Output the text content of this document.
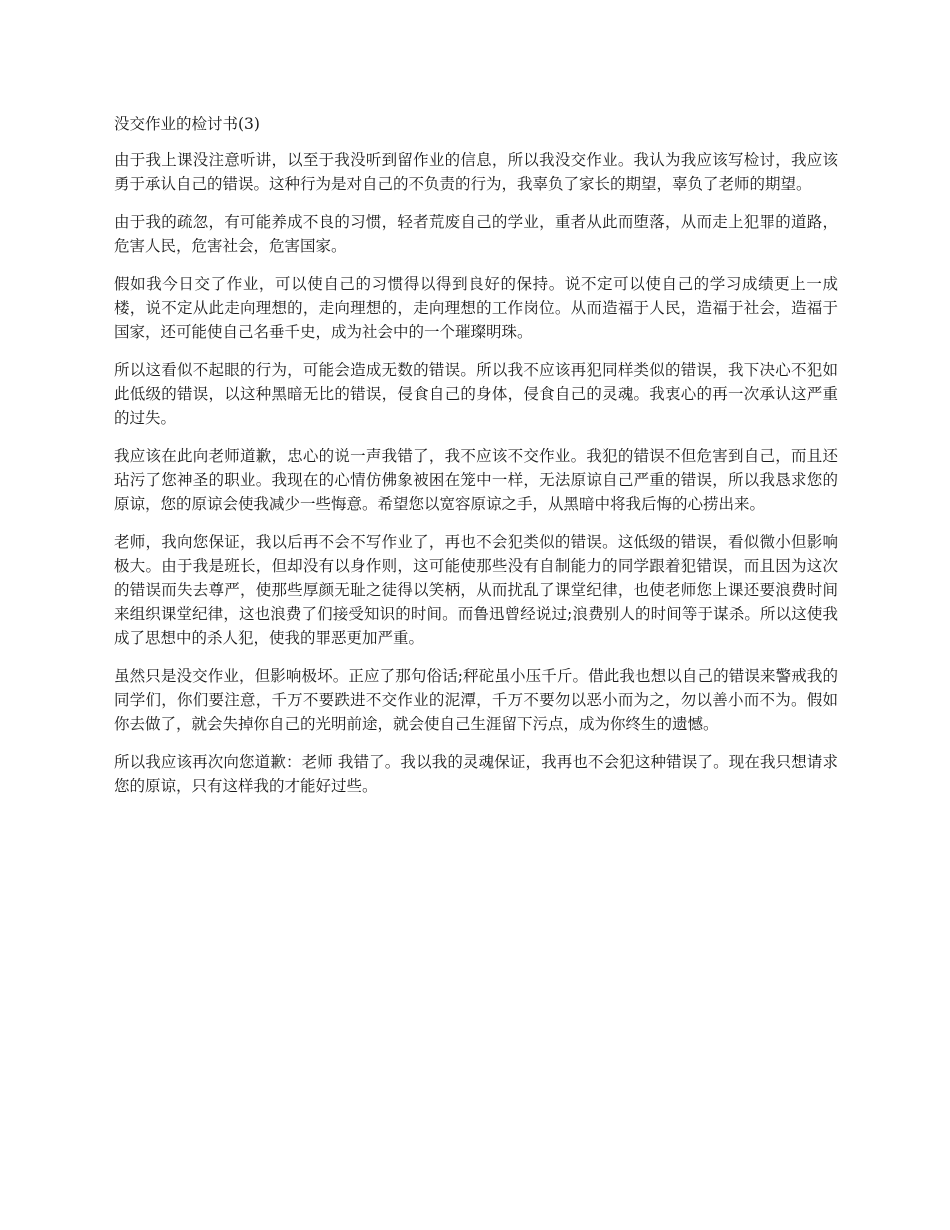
没交作业的检讨书(3)

由于我上课没注意听讲，以至于我没听到留作业的信息，所以我没交作业。我认为我应该写检讨，我应该勇于承认自己的错误。这种行为是对自己的不负责的行为，我辜负了家长的期望，辜负了老师的期望。

由于我的疏忽，有可能养成不良的习惯，轻者荒废自己的学业，重者从此而堕落，从而走上犯罪的道路，危害人民，危害社会，危害国家。

假如我今日交了作业，可以使自己的习惯得以得到良好的保持。说不定可以使自己的学习成绩更上一成楼，说不定从此走向理想的，走向理想的，走向理想的工作岗位。从而造福于人民，造福于社会，造福于国家，还可能使自己名垂千史，成为社会中的一个璀璨明珠。

所以这看似不起眼的行为，可能会造成无数的错误。所以我不应该再犯同样类似的错误，我下决心不犯如此低级的错误，以这种黑暗无比的错误，侵食自己的身体，侵食自己的灵魂。我衷心的再一次承认这严重的过失。

我应该在此向老师道歉，忠心的说一声我错了，我不应该不交作业。我犯的错误不但危害到自己，而且还玷污了您神圣的职业。我现在的心情仿佛象被困在笼中一样，无法原谅自己严重的错误，所以我恳求您的原谅，您的原谅会使我减少一些悔意。希望您以宽容原谅之手，从黑暗中将我后悔的心捞出来。

老师，我向您保证，我以后再不会不写作业了，再也不会犯类似的错误。这低级的错误，看似微小但影响极大。由于我是班长，但却没有以身作则，这可能使那些没有自制能力的同学跟着犯错误，而且因为这次的错误而失去尊严，使那些厚颜无耻之徒得以笑柄，从而扰乱了课堂纪律，也使老师您上课还要浪费时间来组织课堂纪律，这也浪费了们接受知识的时间。而鲁迅曾经说过;浪费别人的时间等于谋杀。所以这使我成了思想中的杀人犯，使我的罪恶更加严重。

虽然只是没交作业，但影响极坏。正应了那句俗话;秤砣虽小压千斤。借此我也想以自己的错误来警戒我的同学们，你们要注意，千万不要跌进不交作业的泥潭，千万不要勿以恶小而为之，勿以善小而不为。假如你去做了，就会失掉你自己的光明前途，就会使自己生涯留下污点，成为你终生的遗憾。

所以我应该再次向您道歉：老师 我错了。我以我的灵魂保证，我再也不会犯这种错误了。现在我只想请求您的原谅，只有这样我的才能好过些。
